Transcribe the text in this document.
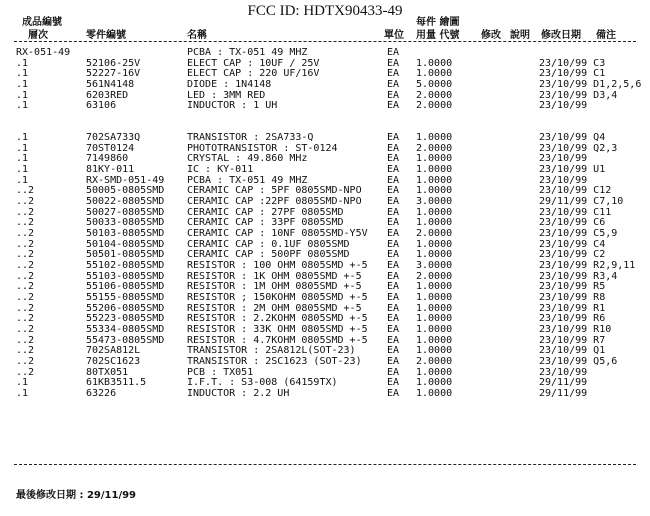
FCC ID: HDTX90433-49
成品編號	每件 繪圖
層次	零件編號	名稱	單位 用量 代號 修改 說明 修改日期 備注
RX-051-49	PCBA : TX-051 49 MHZ	EA
.1	52106-25V	ELECT CAP : 10UF / 25V	EA 1.0000	23/10/99 C3
.1	52227-16V	ELECT CAP : 220 UF/16V	EA 1.0000	23/10/99 C1
.1	561N4148	DIODE : 1N4148	EA 5.0000	23/10/99 D1,2,5,6
.1	6203RED	LED : 3MM RED	EA 2.0000	23/10/99 D3,4
.1	63106	INDUCTOR : 1 UH	EA 2.0000	23/10/99
.1	702SA733Q	TRANSISTOR : 2SA733-Q	EA 1.0000	23/10/99 Q4
.1	70ST0124	PHOTOTRANSISTOR : ST-0124	EA 2.0000	23/10/99 Q2,3
.1	7149860	CRYSTAL : 49.860 MHz	EA 1.0000	23/10/99
.1	81KY-011	IC : KY-011	EA 1.0000	23/10/99 U1
.1	RX-SMD-051-49 PCBA : TX-051 49 MHZ	EA 1.0000	23/10/99
..2	50005-0805SMD CERAMIC CAP : 5PF 0805SMD-NPO	EA 1.0000	23/10/99 C12
..2	50022-0805SMD CERAMIC CAP :22PF 0805SMD-NPO	EA 3.0000	29/11/99 C7,10
..2	50027-0805SMD CERAMIC CAP : 27PF 0805SMD	EA 1.0000	23/10/99 C11
..2	50033-0805SMD CERAMIC CAP : 33PF 0805SMD	EA 1.0000	23/10/99 C6
..2	50103-0805SMD CERAMIC CAP : 10NF 0805SMD-Y5V EA 2.0000	23/10/99 C5,9
..2	50104-0805SMD CERAMIC CAP : 0.1UF 0805SMD	EA 1.0000	23/10/99 C4
..2	50501-0805SMD CERAMIC CAP : 500PF 0805SMD	EA 1.0000	23/10/99 C2
..2	55102-0805SMD RESISTOR : 100 OHM 0805SMD +-5 EA 3.0000	23/10/99 R2,9,11
..2	55103-0805SMD RESISTOR : 1K OHM 0805SMD +-5	EA 2.0000	23/10/99 R3,4
..2	55106-0805SMD RESISTOR : 1M OHM 0805SMD +-5	EA 1.0000	23/10/99 R5
..2	55155-0805SMD RESISTOR ; 150KOHM 0805SMD +-5 EA 1.0000	23/10/99 R8
..2	55206-0805SMD RESISTOR : 2M OHM 0805SMD +-5	EA 1.0000	23/10/99 R1
..2	55223-0805SMD RESISTOR : 2.2KOHM 0805SMD +-5 EA 1.0000	23/10/99 R6
..2	55334-0805SMD RESISTOR : 33K OHM 0805SMD +-5 EA 1.0000	23/10/99 R10
..2	55473-0805SMD RESISTOR : 4.7KOHM 0805SMD +-5 EA 1.0000	23/10/99 R7
..2	702SA812L	TRANSISTOR : 2SA812L(SOT-23)	EA 1.0000	23/10/99 Q1
..2	702SC1623	TRANSISTOR : 2SC1623 (SOT-23)	EA 2.0000	23/10/99 Q5,6
..2	80TX051	PCB : TX051	EA 1.0000	23/10/99
.1	61KB3511.5	I.F.T. : S3-008 (64159TX)	EA 1.0000	29/11/99
.1	63226	INDUCTOR : 2.2 UH	EA 1.0000	29/11/99
最後修改日期 : 29/11/99
